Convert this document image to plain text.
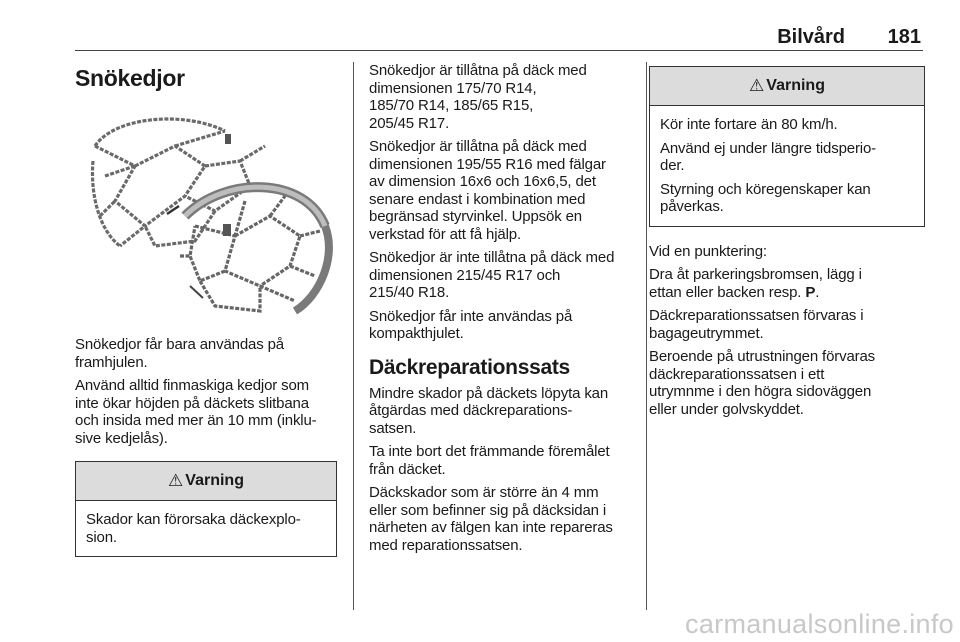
Bilvård 181
Snökedjor

Snökedjor får bara användas på
framhjulen.

Använd alltid finmaskiga kedjor som
inte ökar höjden på däckets slitbana
och insida med mer än 10 mm (inklu-
sive kedjelås).

⚠ Varning

Skador kan förorsaka däckexplo-
sion.

Snökedjor är tillåtna på däck med
dimensionen 175/70 R14,
185/70 R14, 185/65 R15,
205/45 R17.

Snökedjor är tillåtna på däck med
dimensionen 195/55 R16 med fälgar
av dimension 16x6 och 16x6,5, det
senare endast i kombination med
begränsad styrvinkel. Uppsök en
verkstad för att få hjälp.

Snökedjor är inte tillåtna på däck med
dimensionen 215/45 R17 och
215/40 R18.

Snökedjor får inte användas på
kompakthjulet.

Däckreparationssats

Mindre skador på däckets löpyta kan
åtgärdas med däckreparations-
satsen.

Ta inte bort det främmande föremålet
från däcket.

Däckskador som är större än 4 mm
eller som befinner sig på däcksidan i
närheten av fälgen kan inte repareras
med reparationssatsen.

⚠ Varning

Kör inte fortare än 80 km/h.

Använd ej under längre tidsperio-
der.

Styrning och köregenskaper kan
påverkas.

Vid en punktering:

Dra åt parkeringsbromsen, lägg i
ettan eller backen resp. P.

Däckreparationssatsen förvaras i
bagageutrymmet.

Beroende på utrustningen förvaras
däckreparationssatsen i ett
utrymnme i den högra sidoväggen
eller under golvskyddet.

carmanualsonline.info
